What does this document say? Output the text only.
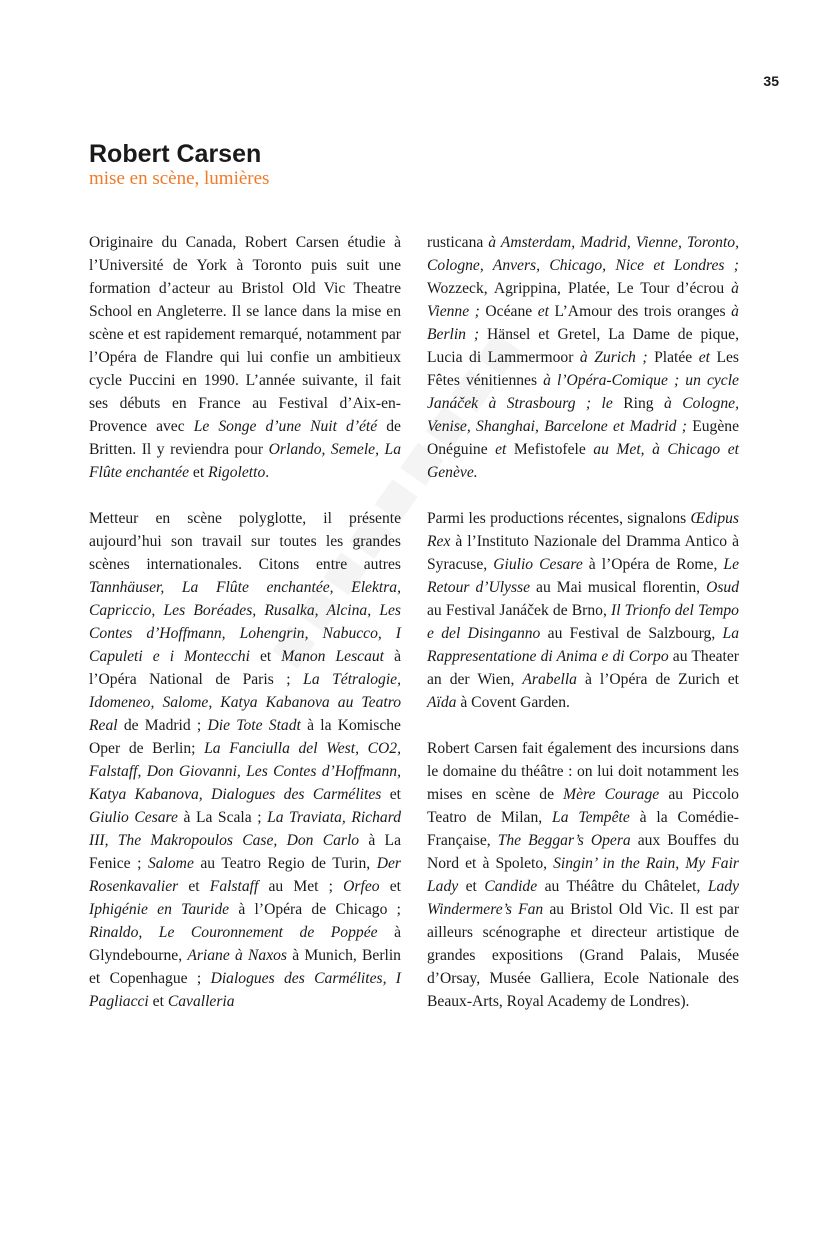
35
Robert Carsen
mise en scène, lumières

Originaire du Canada, Robert Carsen étudie à l’Université de York à Toronto puis suit une formation d’acteur au Bristol Old Vic Theatre School en Angleterre. Il se lance dans la mise en scène et est rapidement remarqué, notamment par l’Opéra de Flandre qui lui confie un ambitieux cycle Puccini en 1990. L’année suivante, il fait ses débuts en France au Festival d’Aix-en-Provence avec Le Songe d’une Nuit d’été de Britten. Il y reviendra pour Orlando, Semele, La Flûte enchantée et Rigoletto.

Metteur en scène polyglotte, il présente aujourd’hui son travail sur toutes les grandes scènes internationales. Citons entre autres Tannhäuser, La Flûte enchantée, Elektra, Capriccio, Les Boréades, Rusalka, Alcina, Les Contes d’Hoffmann, Lohengrin, Nabucco, I Capuleti e i Montecchi et Manon Lescaut à l’Opéra National de Paris ; La Tétralogie, Idomeneo, Salome, Katya Kabanova au Teatro Real de Madrid ; Die Tote Stadt à la Komische Oper de Berlin; La Fanciulla del West, CO2, Falstaff, Don Giovanni, Les Contes d’Hoffmann, Katya Kabanova, Dialogues des Carmélites et Giulio Cesare à La Scala ; La Traviata, Richard III, The Makropoulos Case, Don Carlo à La Fenice ; Salome au Teatro Regio de Turin, Der Rosenkavalier et Falstaff au Met ; Orfeo et Iphigénie en Tauride à l’Opéra de Chicago ; Rinaldo, Le Couronnement de Poppée à Glyndebourne, Ariane à Naxos à Munich, Berlin et Copenhague ; Dialogues des Carmélites, I Pagliacci et Cavalleria

rusticana à Amsterdam, Madrid, Vienne, Toronto, Cologne, Anvers, Chicago, Nice et Londres ; Wozzeck, Agrippina, Platée, Le Tour d’écrou à Vienne ; Océane et L’Amour des trois oranges à Berlin ; Hänsel et Gretel, La Dame de pique, Lucia di Lammermoor à Zurich ; Platée et Les Fêtes vénitiennes à l’Opéra-Comique ; un cycle Janáček à Strasbourg ; le Ring à Cologne, Venise, Shanghai, Barcelone et Madrid ; Eugène Onéguine et Mefistofele au Met, à Chicago et Genève.

Parmi les productions récentes, signalons Œdipus Rex à l’Instituto Nazionale del Dramma Antico à Syracuse, Giulio Cesare à l’Opéra de Rome, Le Retour d’Ulysse au Mai musical florentin, Osud au Festival Janáček de Brno, Il Trionfo del Tempo e del Disinganno au Festival de Salzbourg, La Rappresentatione di Anima e di Corpo au Theater an der Wien, Arabella à l’Opéra de Zurich et Aïda à Covent Garden.

Robert Carsen fait également des incursions dans le domaine du théâtre : on lui doit notamment les mises en scène de Mère Courage au Piccolo Teatro de Milan, La Tempête à la Comédie-Française, The Beggar’s Opera aux Bouffes du Nord et à Spoleto, Singin’ in the Rain, My Fair Lady et Candide au Théâtre du Châtelet, Lady Windermere’s Fan au Bristol Old Vic. Il est par ailleurs scénographe et directeur artistique de grandes expositions (Grand Palais, Musée d’Orsay, Musée Galliera, Ecole Nationale des Beaux-Arts, Royal Academy de Londres).
